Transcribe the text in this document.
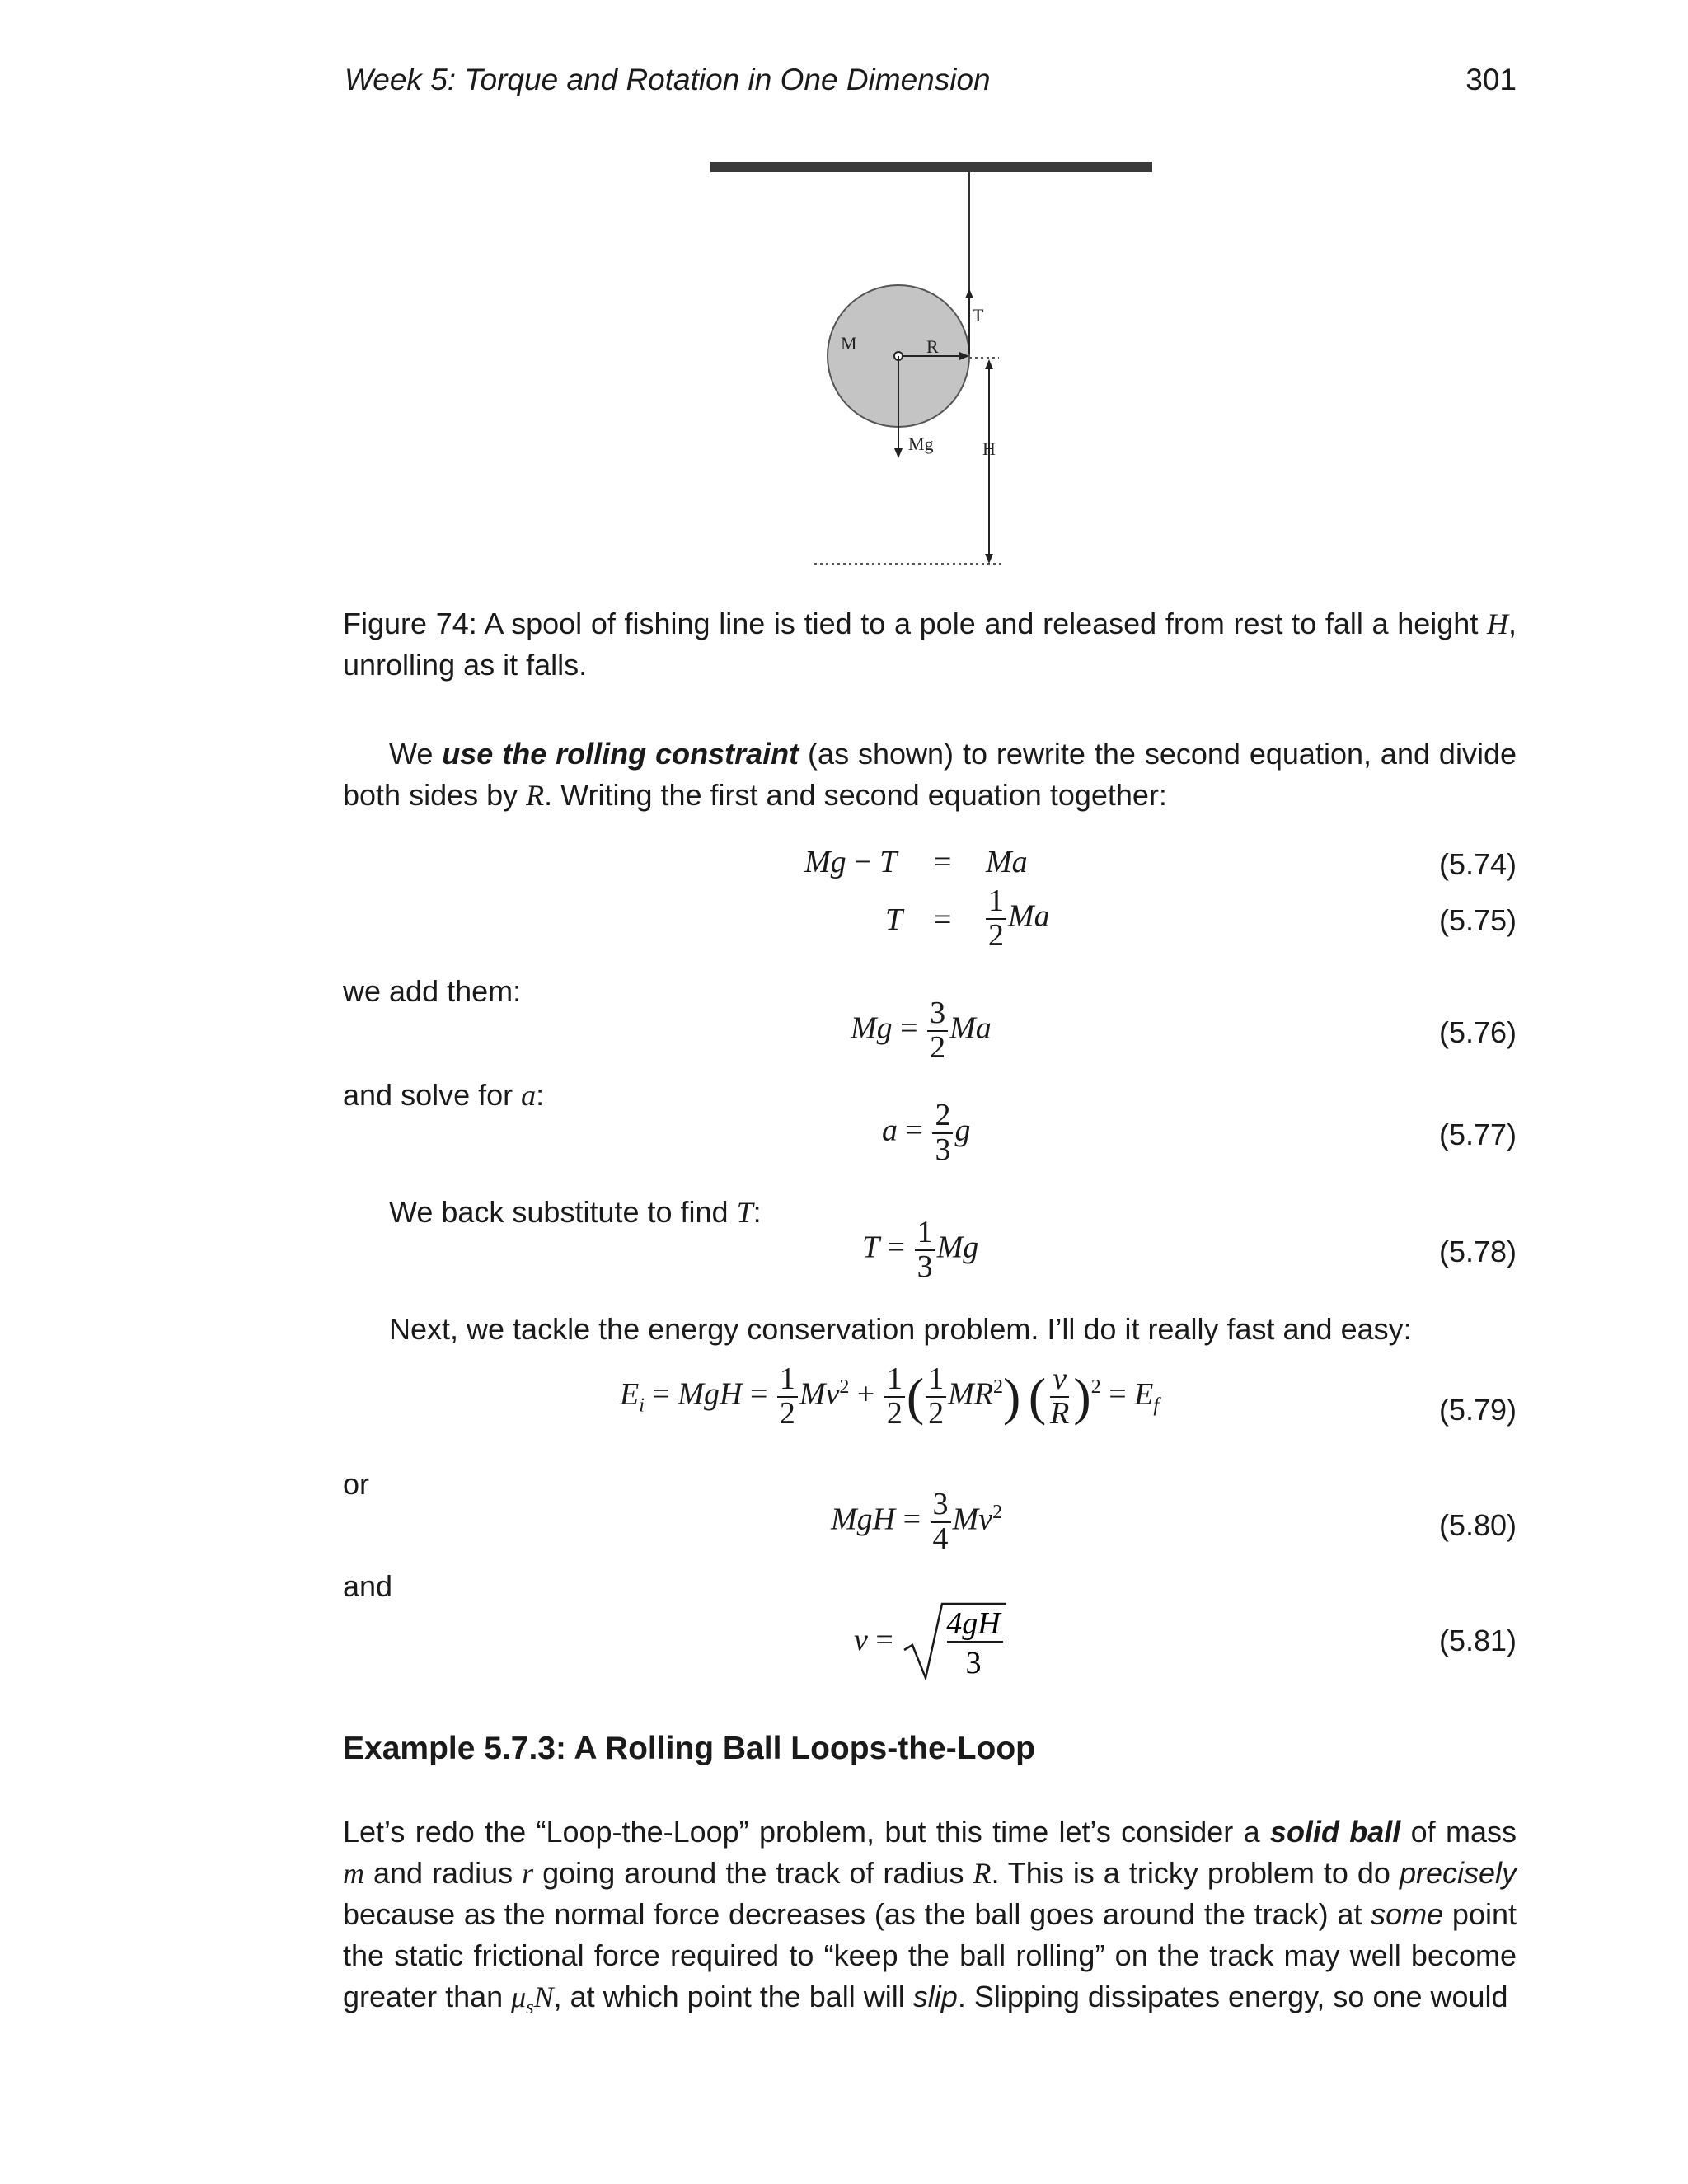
Week 5: Torque and Rotation in One Dimension	301
M	R
T
Mg	H
Figure 74: A spool of fishing line is tied to a pole and released from rest to fall a height H, unrolling as it falls.
We use the rolling constraint (as shown) to rewrite the second equation, and divide both sides by R. Writing the first and second equation together:
Mg − T = Ma	(5.74)
$T = \frac{1}{2}$ Ma	(5.75)
we add them:
$Mg = \frac{3}{2}$ Ma	(5.76)
and solve for a:
$a = \frac{2}{3}$ g	(5.77)
We back substitute to find T:
$T = \frac{1}{3}$ Mg	(5.78)
Next, we tackle the energy conservation problem. I’ll do it really fast and easy:
$E_i$ = MgH = $\frac{1}{2} Mv^2 + \frac{1}{2}$ ( $\frac{1}{2} MR^2$) ( $\frac{v}{R} )^2 = E_f$	(5.79)
or
MgH = $\frac{3}{4} Mv^2$	(5.80)
and
v = 4gH
3
(5.81)
Example 5.7.3: A Rolling Ball Loops-the-Loop
Let’s redo the “Loop-the-Loop” problem, but this time let’s consider a solid ball of mass m and radius r going around the track of radius R. This is a tricky problem to do precisely because as the normal force decreases (as the ball goes around the track) at some point the static frictional force required to “keep the ball rolling” on the track may well become greater than $\mu_sN$, at which point the ball will slip. Slipping dissipates energy, so one would
